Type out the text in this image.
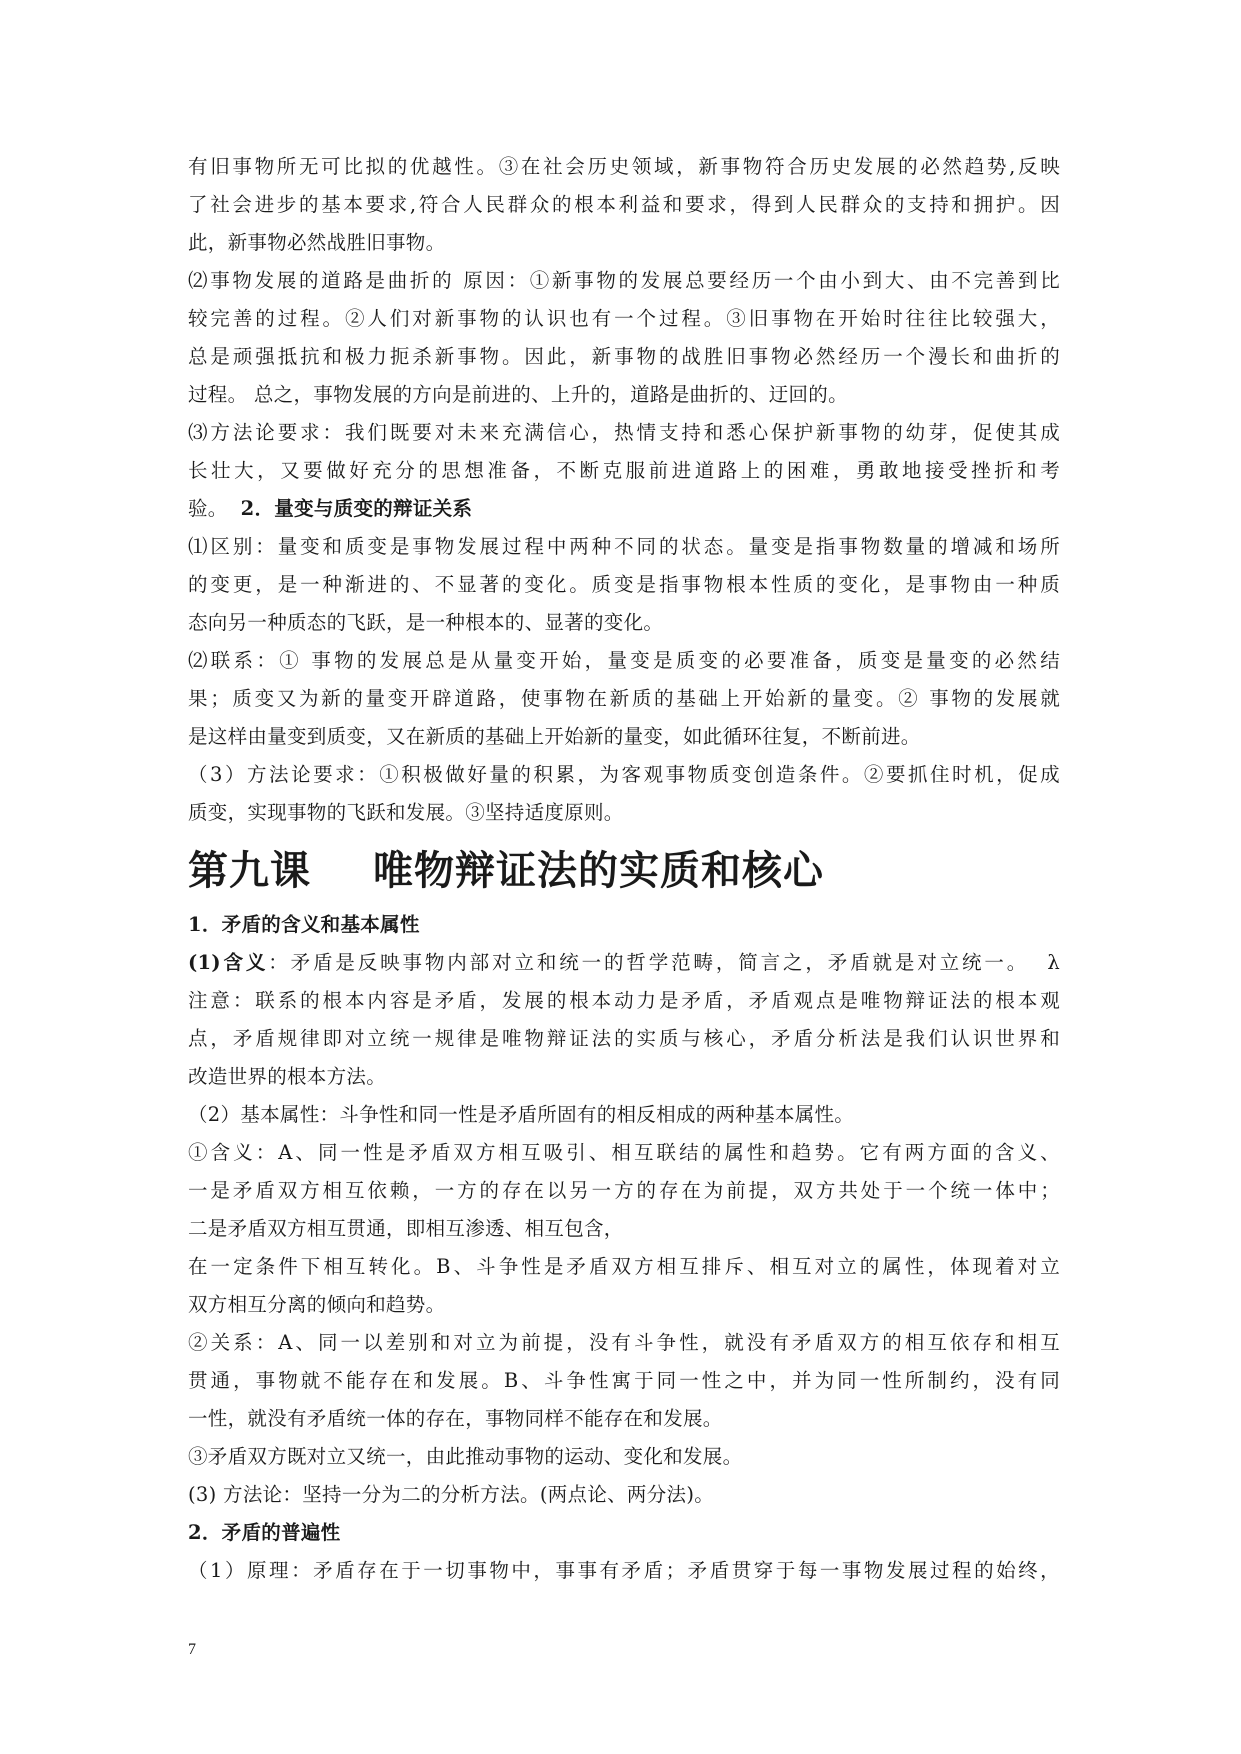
有旧事物所无可比拟的优越性。③在社会历史领域，新事物符合历史发展的必然趋势,反映
了社会进步的基本要求,符合人民群众的根本利益和要求，得到人民群众的支持和拥护。因
此，新事物必然战胜旧事物。
⑵事物发展的道路是曲折的 原因：①新事物的发展总要经历一个由小到大、由不完善到比
较完善的过程。②人们对新事物的认识也有一个过程。③旧事物在开始时往往比较强大，
总是顽强抵抗和极力扼杀新事物。因此，新事物的战胜旧事物必然经历一个漫长和曲折的
过程。 总之，事物发展的方向是前进的、上升的，道路是曲折的、迂回的。
⑶方法论要求：我们既要对未来充满信心，热情支持和悉心保护新事物的幼芽，促使其成
长壮大，又要做好充分的思想准备，不断克服前进道路上的困难，勇敢地接受挫折和考
验。  2．量变与质变的辩证关系
⑴区别：量变和质变是事物发展过程中两种不同的状态。量变是指事物数量的增减和场所
的变更，是一种渐进的、不显著的变化。质变是指事物根本性质的变化，是事物由一种质
态向另一种质态的飞跃，是一种根本的、显著的变化。
⑵联系：① 事物的发展总是从量变开始，量变是质变的必要准备，质变是量变的必然结
果；质变又为新的量变开辟道路，使事物在新质的基础上开始新的量变。② 事物的发展就
是这样由量变到质变，又在新质的基础上开始新的量变，如此循环往复，不断前进。
（3）方法论要求：①积极做好量的积累，为客观事物质变创造条件。②要抓住时机，促成
质变，实现事物的飞跃和发展。③坚持适度原则。
第九课 唯物辩证法的实质和核心
1．矛盾的含义和基本属性
(1)含义：矛盾是反映事物内部对立和统一的哲学范畴，简言之，矛盾就是对立统一。  λ
注意：联系的根本内容是矛盾，发展的根本动力是矛盾，矛盾观点是唯物辩证法的根本观
点，矛盾规律即对立统一规律是唯物辩证法的实质与核心，矛盾分析法是我们认识世界和
改造世界的根本方法。
（2）基本属性：斗争性和同一性是矛盾所固有的相反相成的两种基本属性。
①含义：A、同一性是矛盾双方相互吸引、相互联结的属性和趋势。它有两方面的含义、
一是矛盾双方相互依赖，一方的存在以另一方的存在为前提，双方共处于一个统一体中；
二是矛盾双方相互贯通，即相互渗透、相互包含，
在一定条件下相互转化。B、斗争性是矛盾双方相互排斥、相互对立的属性，体现着对立
双方相互分离的倾向和趋势。
②关系：A、同一以差别和对立为前提，没有斗争性，就没有矛盾双方的相互依存和相互
贯通，事物就不能存在和发展。B、斗争性寓于同一性之中，并为同一性所制约，没有同
一性，就没有矛盾统一体的存在，事物同样不能存在和发展。
③矛盾双方既对立又统一，由此推动事物的运动、变化和发展。
(3) 方法论：坚持一分为二的分析方法。(两点论、两分法)。
2．矛盾的普遍性
（1）原理：矛盾存在于一切事物中，事事有矛盾；矛盾贯穿于每一事物发展过程的始终，
7
